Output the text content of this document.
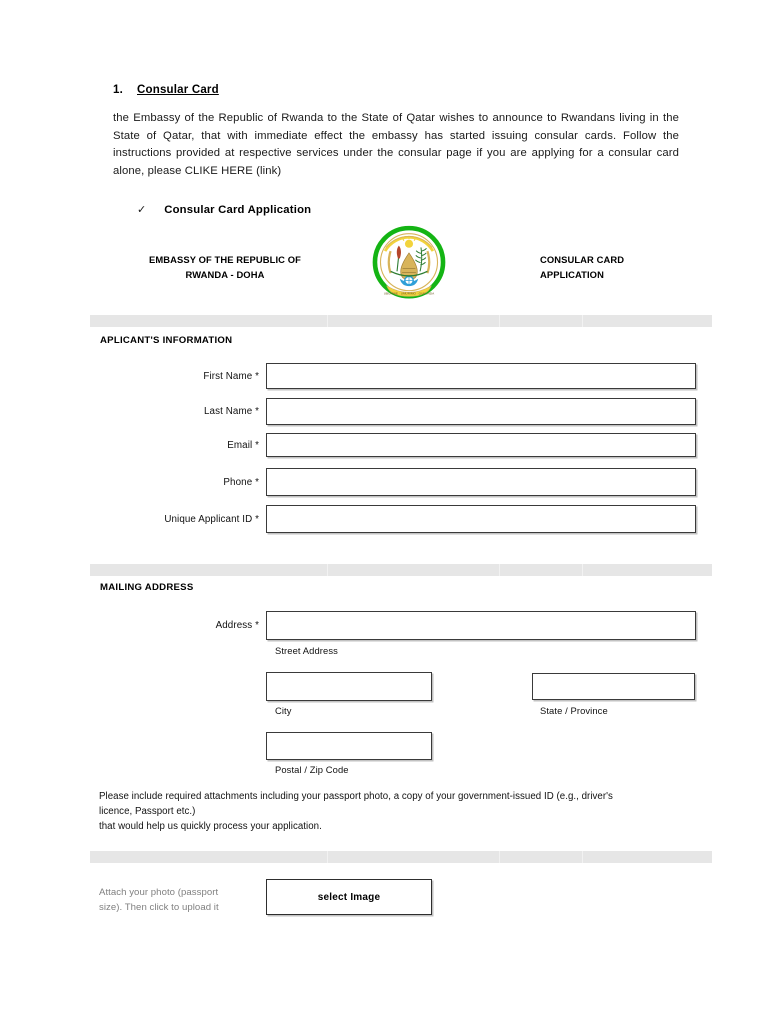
1. Consular Card
the Embassy of the Republic of Rwanda to the State of Qatar wishes to announce to Rwandans living in the State of Qatar, that with immediate effect the embassy has started issuing consular cards. Follow the instructions provided at respective services under the consular page if you are applying for a consular card alone, please CLIKE HERE (link)
✓ Consular Card Application
EMBASSY OF THE REPUBLIC OF
RWANDA - DOHA
UBUMWE · UMURIMO · GUKUNDA
CONSULAR CARD
APPLICATION
APLICANT'S INFORMATION
First Name *
Last Name *
Email *
Phone *
Unique Applicant ID *
MAILING ADDRESS
Address *
Street Address
City	State / Province
Postal / Zip Code
Please include required attachments including your passport photo, a copy of your government-issued ID (e.g., driver's
licence, Passport etc.)
that would help us quickly process your application.
Attach your photo (passport
size). Then click to upload it
select Image
